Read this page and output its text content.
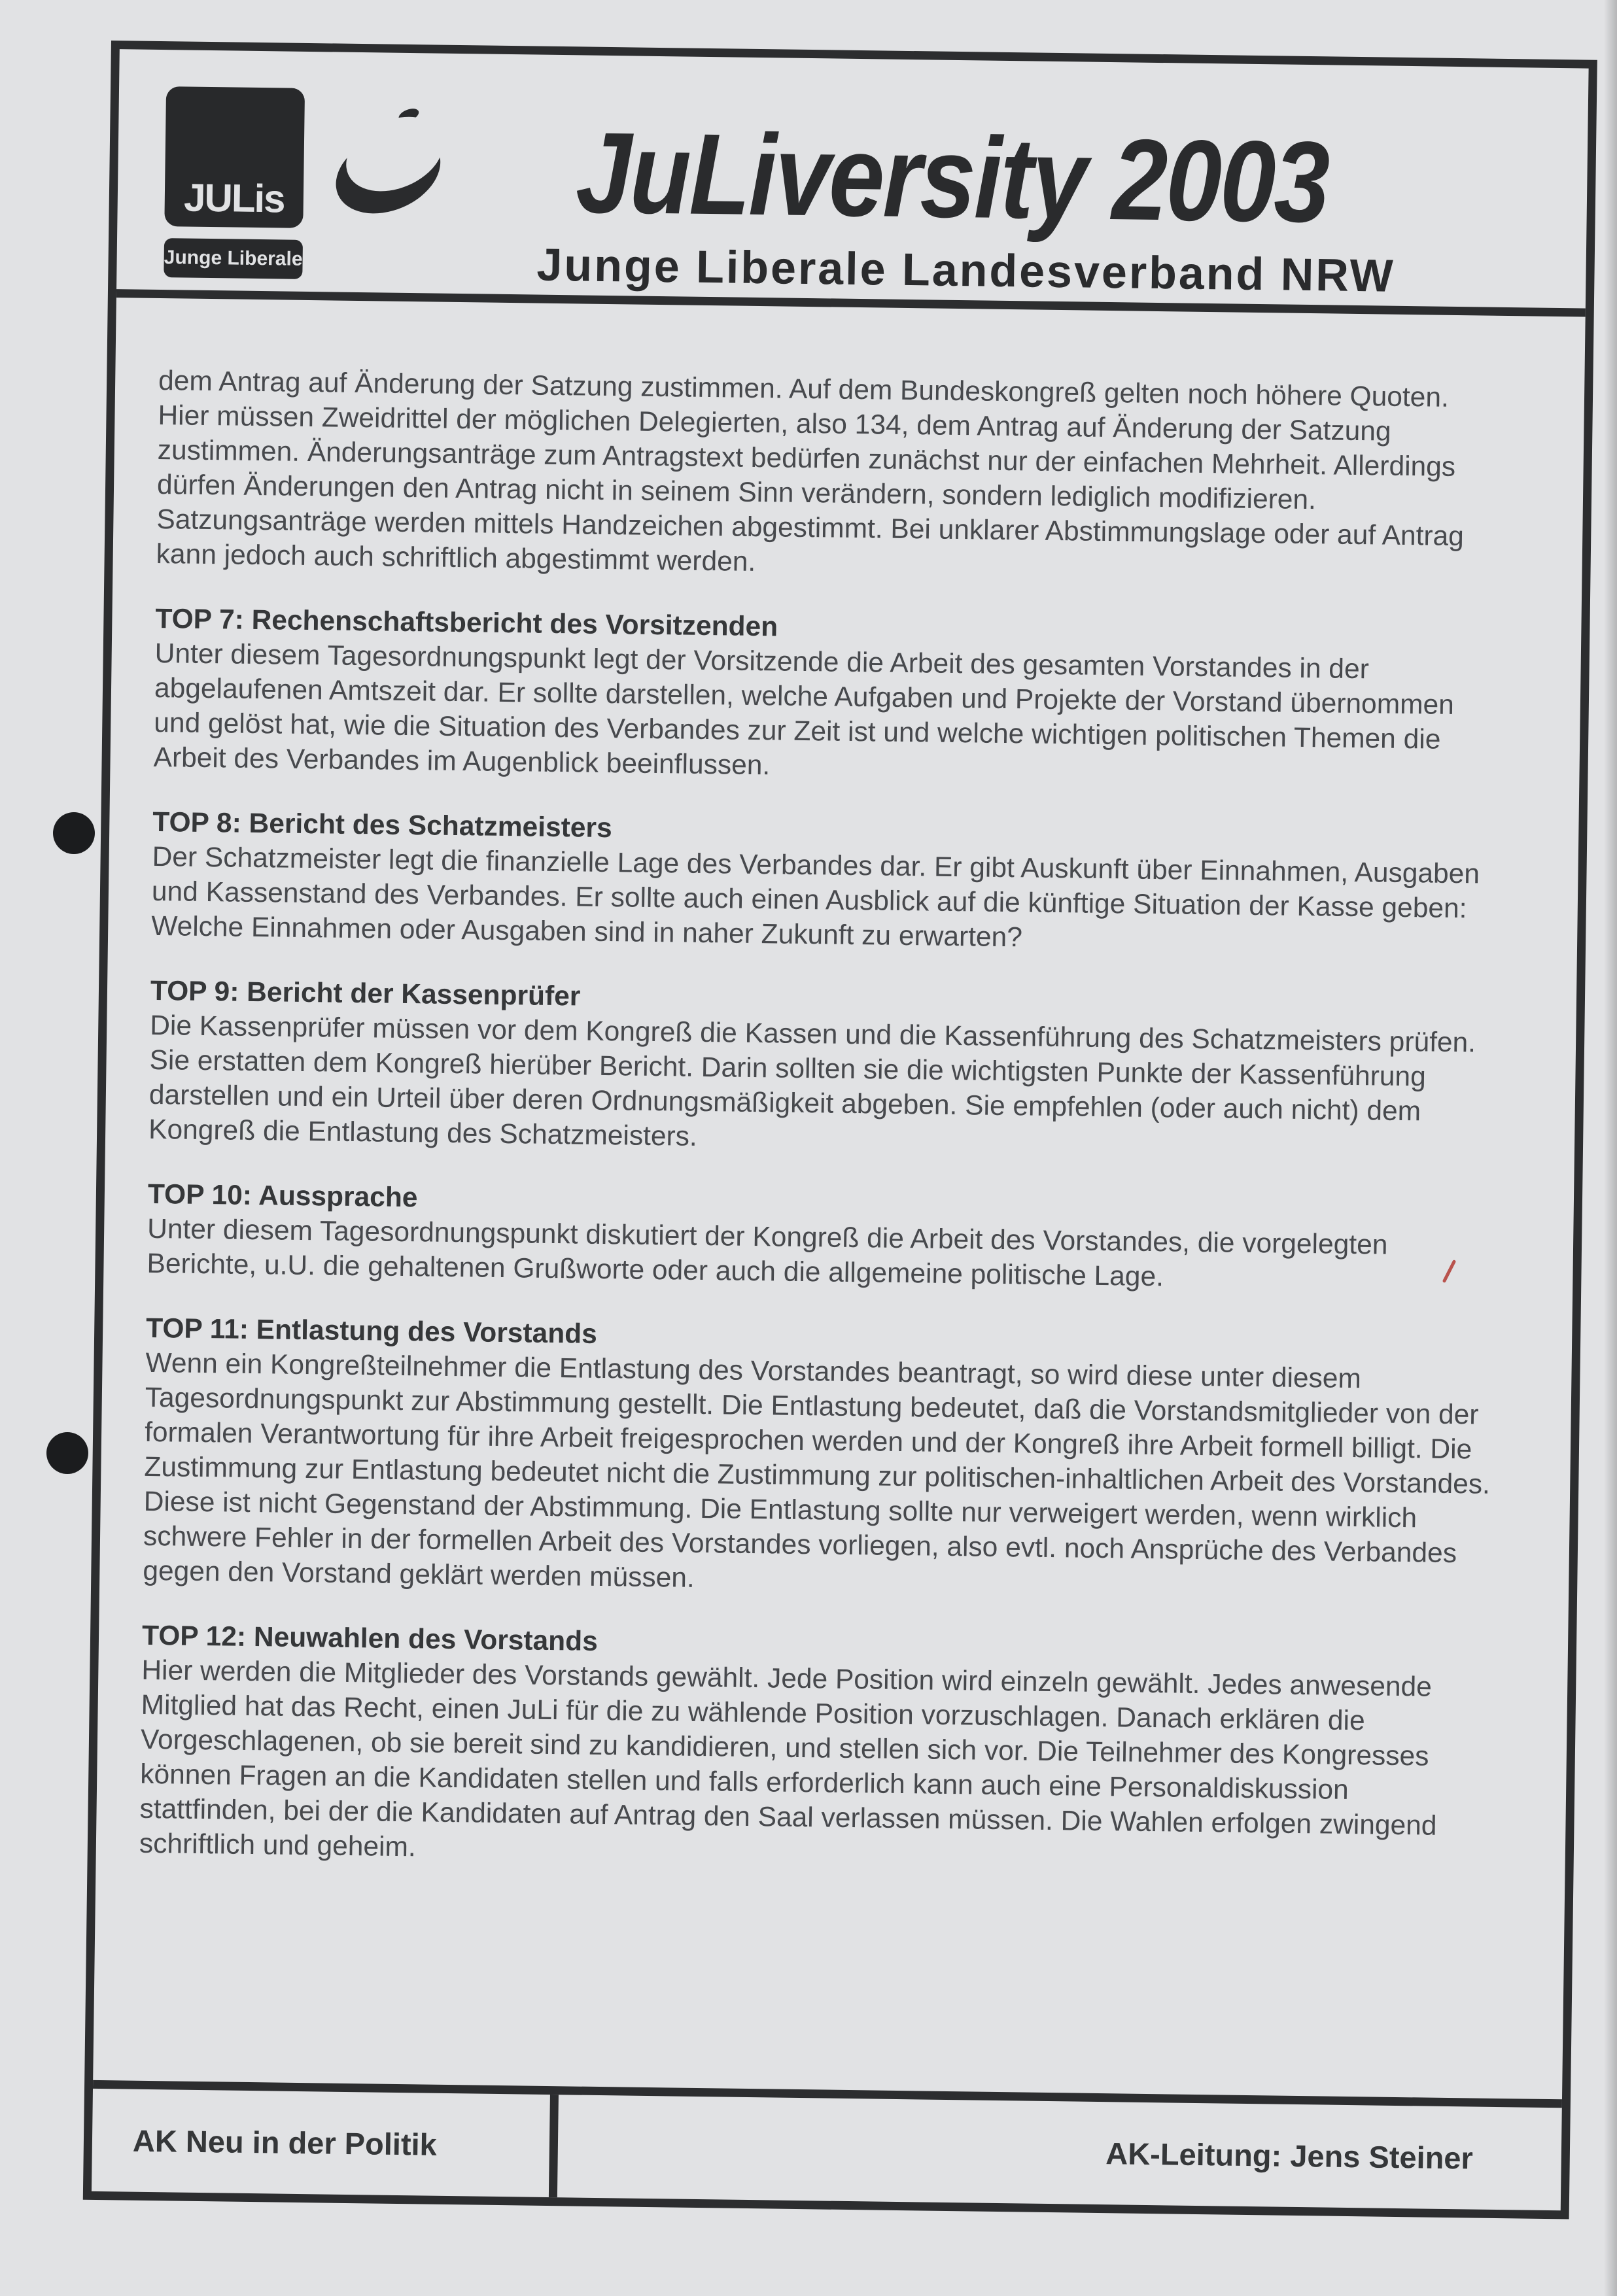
JULis
Junge Liberale
JuLiversity 2003
Junge Liberale Landesverband NRW

dem Antrag auf Änderung der Satzung zustimmen. Auf dem Bundeskongreß gelten noch höhere Quoten. Hier müssen Zweidrittel der möglichen Delegierten, also 134, dem Antrag auf Änderung der Satzung zustimmen. Änderungsanträge zum Antragstext bedürfen zunächst nur der einfachen Mehrheit. Allerdings dürfen Änderungen den Antrag nicht in seinem Sinn verändern, sondern lediglich modifizieren. Satzungsanträge werden mittels Handzeichen abgestimmt. Bei unklarer Abstimmungslage oder auf Antrag kann jedoch auch schriftlich abgestimmt werden.

TOP 7: Rechenschaftsbericht des Vorsitzenden

Unter diesem Tagesordnungspunkt legt der Vorsitzende die Arbeit des gesamten Vorstandes in der abgelaufenen Amtszeit dar. Er sollte darstellen, welche Aufgaben und Projekte der Vorstand übernommen und gelöst hat, wie die Situation des Verbandes zur Zeit ist und welche wichtigen politischen Themen die Arbeit des Verbandes im Augenblick beeinflussen.

TOP 8: Bericht des Schatzmeisters

Der Schatzmeister legt die finanzielle Lage des Verbandes dar. Er gibt Auskunft über Einnahmen, Ausgaben und Kassenstand des Verbandes. Er sollte auch einen Ausblick auf die künftige Situation der Kasse geben: Welche Einnahmen oder Ausgaben sind in naher Zukunft zu erwarten?

TOP 9: Bericht der Kassenprüfer

Die Kassenprüfer müssen vor dem Kongreß die Kassen und die Kassenführung des Schatzmeisters prüfen. Sie erstatten dem Kongreß hierüber Bericht. Darin sollten sie die wichtigsten Punkte der Kassenführung darstellen und ein Urteil über deren Ordnungsmäßigkeit abgeben. Sie empfehlen (oder auch nicht) dem Kongreß die Entlastung des Schatzmeisters.

TOP 10: Aussprache

Unter diesem Tagesordnungspunkt diskutiert der Kongreß die Arbeit des Vorstandes, die vorgelegten Berichte, u.U. die gehaltenen Grußworte oder auch die allgemeine politische Lage.

TOP 11: Entlastung des Vorstands

Wenn ein Kongreßteilnehmer die Entlastung des Vorstandes beantragt, so wird diese unter diesem Tagesordnungspunkt zur Abstimmung gestellt. Die Entlastung bedeutet, daß die Vorstandsmitglieder von der formalen Verantwortung für ihre Arbeit freigesprochen werden und der Kongreß ihre Arbeit formell billigt. Die Zustimmung zur Entlastung bedeutet nicht die Zustimmung zur politischen-inhaltlichen Arbeit des Vorstandes. Diese ist nicht Gegenstand der Abstimmung. Die Entlastung sollte nur verweigert werden, wenn wirklich schwere Fehler in der formellen Arbeit des Vorstandes vorliegen, also evtl. noch Ansprüche des Verbandes gegen den Vorstand geklärt werden müssen.

TOP 12: Neuwahlen des Vorstands

Hier werden die Mitglieder des Vorstands gewählt. Jede Position wird einzeln gewählt. Jedes anwesende Mitglied hat das Recht, einen JuLi für die zu wählende Position vorzuschlagen. Danach erklären die Vorgeschlagenen, ob sie bereit sind zu kandidieren, und stellen sich vor. Die Teilnehmer des Kongresses können Fragen an die Kandidaten stellen und falls erforderlich kann auch eine Personaldiskussion stattfinden, bei der die Kandidaten auf Antrag den Saal verlassen müssen. Die Wahlen erfolgen zwingend schriftlich und geheim.

AK Neu in der Politik	AK-Leitung: Jens Steiner
